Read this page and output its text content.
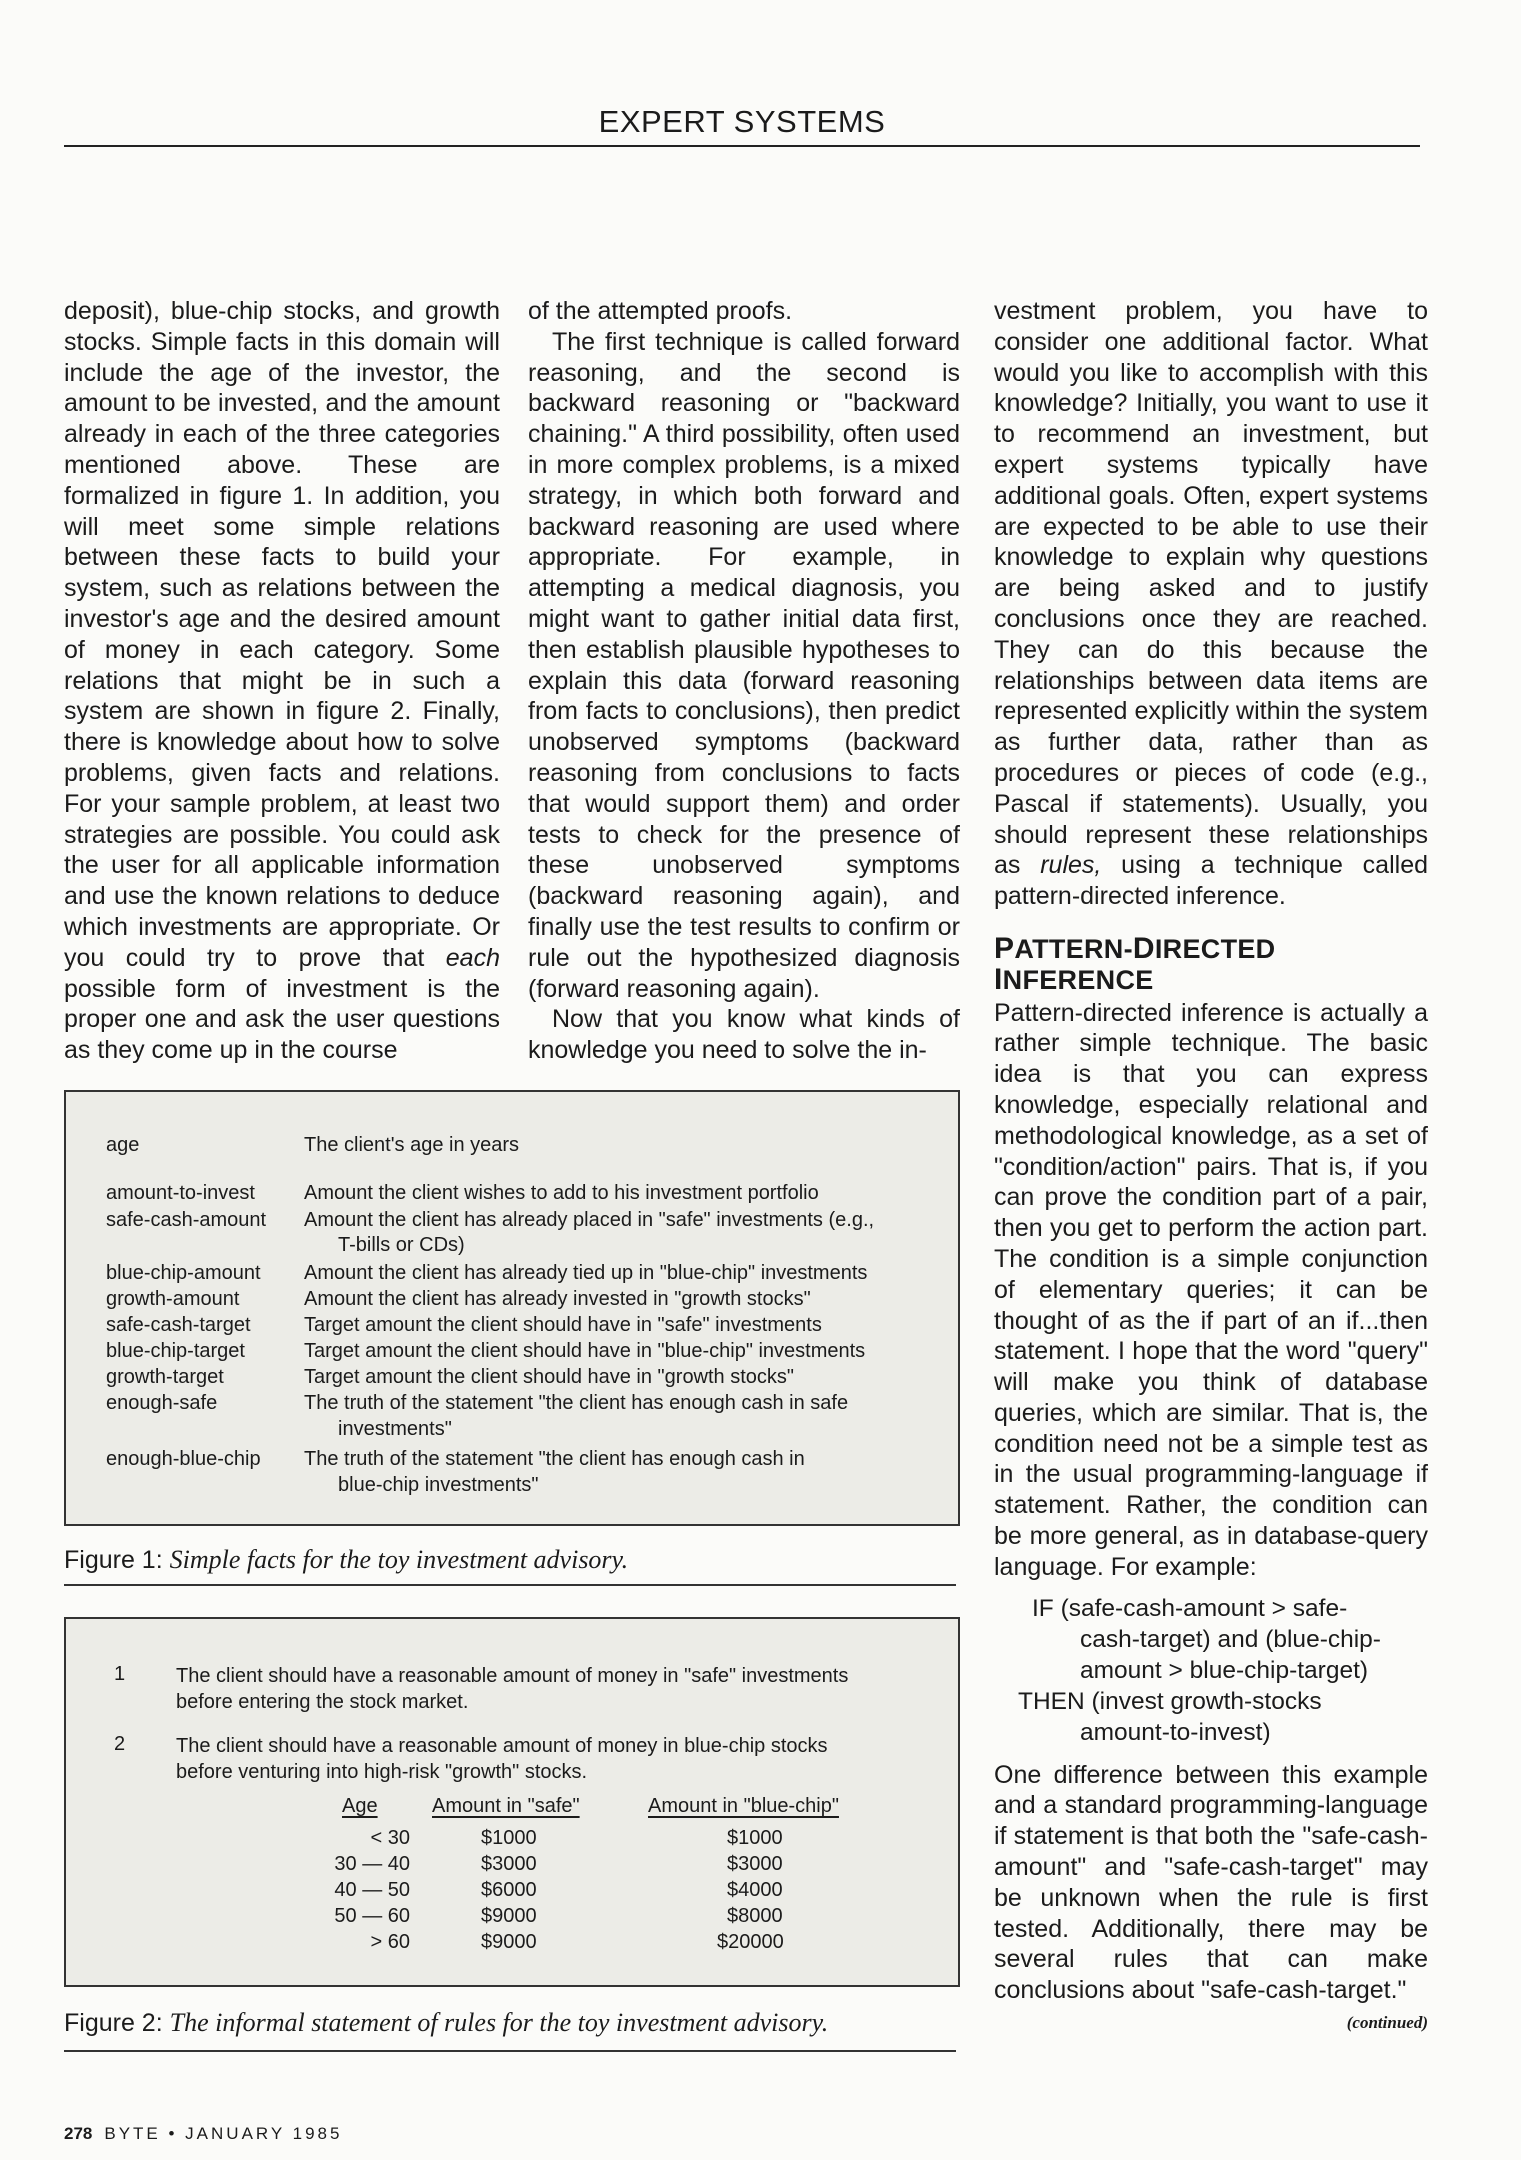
EXPERT SYSTEMS

deposit), blue-chip stocks, and growth stocks. Simple facts in this domain will include the age of the investor, the amount to be invested, and the amount already in each of the three categories mentioned above. These are formalized in figure 1. In addition, you will meet some simple relations between these facts to build your system, such as relations between the investor's age and the desired amount of money in each category. Some relations that might be in such a system are shown in figure 2. Finally, there is knowledge about how to solve problems, given facts and relations. For your sample problem, at least two strategies are possible. You could ask the user for all applicable information and use the known relations to deduce which investments are appropriate. Or you could try to prove that each possible form of investment is the proper one and ask the user questions as they come up in the course

of the attempted proofs.

The first technique is called forward reasoning, and the second is backward reasoning or "backward chaining." A third possibility, often used in more complex problems, is a mixed strategy, in which both forward and backward reasoning are used where appropriate. For example, in attempting a medical diagnosis, you might want to gather initial data first, then establish plausible hypotheses to explain this data (forward reasoning from facts to conclusions), then predict unobserved symptoms (backward reasoning from conclusions to facts that would support them) and order tests to check for the presence of these unobserved symptoms (backward reasoning again), and finally use the test results to confirm or rule out the hypothesized diagnosis (forward reasoning again).

Now that you know what kinds of knowledge you need to solve the in-

vestment problem, you have to consider one additional factor. What would you like to accomplish with this knowledge? Initially, you want to use it to recommend an investment, but expert systems typically have additional goals. Often, expert systems are expected to be able to use their knowledge to explain why questions are being asked and to justify conclusions once they are reached. They can do this because the relationships between data items are represented explicitly within the system as further data, rather than as procedures or pieces of code (e.g., Pascal if statements). Usually, you should represent these relationships as rules, using a technique called pattern-directed inference.

PATTERN-DIRECTED INFERENCE

Pattern-directed inference is actually a rather simple technique. The basic idea is that you can express knowledge, especially relational and methodological knowledge, as a set of "condition/action" pairs. That is, if you can prove the condition part of a pair, then you get to perform the action part. The condition is a simple conjunction of elementary queries; it can be thought of as the if part of an if...then statement. I hope that the word "query" will make you think of database queries, which are similar. That is, the condition need not be a simple test as in the usual programming-language if statement. Rather, the condition can be more general, as in database-query language. For example:

IF (safe-cash-amount > safe-
cash-target) and (blue-chip-
amount > blue-chip-target)
THEN (invest growth-stocks
amount-to-invest)

One difference between this example and a standard programming-language if statement is that both the "safe-cash-amount" and "safe-cash-target" may be unknown when the rule is first tested. Additionally, there may be several rules that can make conclusions about "safe-cash-target."

(continued)
age	The client's age in years
amount-to-invest	Amount the client wishes to add to his investment portfolio
safe-cash-amount	Amount the client has already placed in "safe" investments (e.g.,
T-bills or CDs)
blue-chip-amount	Amount the client has already tied up in "blue-chip" investments
growth-amount	Amount the client has already invested in "growth stocks"
safe-cash-target	Target amount the client should have in "safe" investments
blue-chip-target	Target amount the client should have in "blue-chip" investments
growth-target	Target amount the client should have in "growth stocks"
enough-safe	The truth of the statement "the client has enough cash in safe
investments"
enough-blue-chip	The truth of the statement "the client has enough cash in
blue-chip investments"
Figure 1: Simple facts for the toy investment advisory.
1	The client should have a reasonable amount of money in "safe" investments
before entering the stock market.
2	The client should have a reasonable amount of money in blue-chip stocks
before venturing into high-risk "growth" stocks.
Age	Amount in "safe"	Amount in "blue-chip"
< 30	$1000	$1000
30 — 40	$3000	$3000
40 — 50	$6000	$4000
50 — 60	$9000	$8000
> 60	$9000	$20000
Figure 2: The informal statement of rules for the toy investment advisory.
278 BYTE • JANUARY 1985
